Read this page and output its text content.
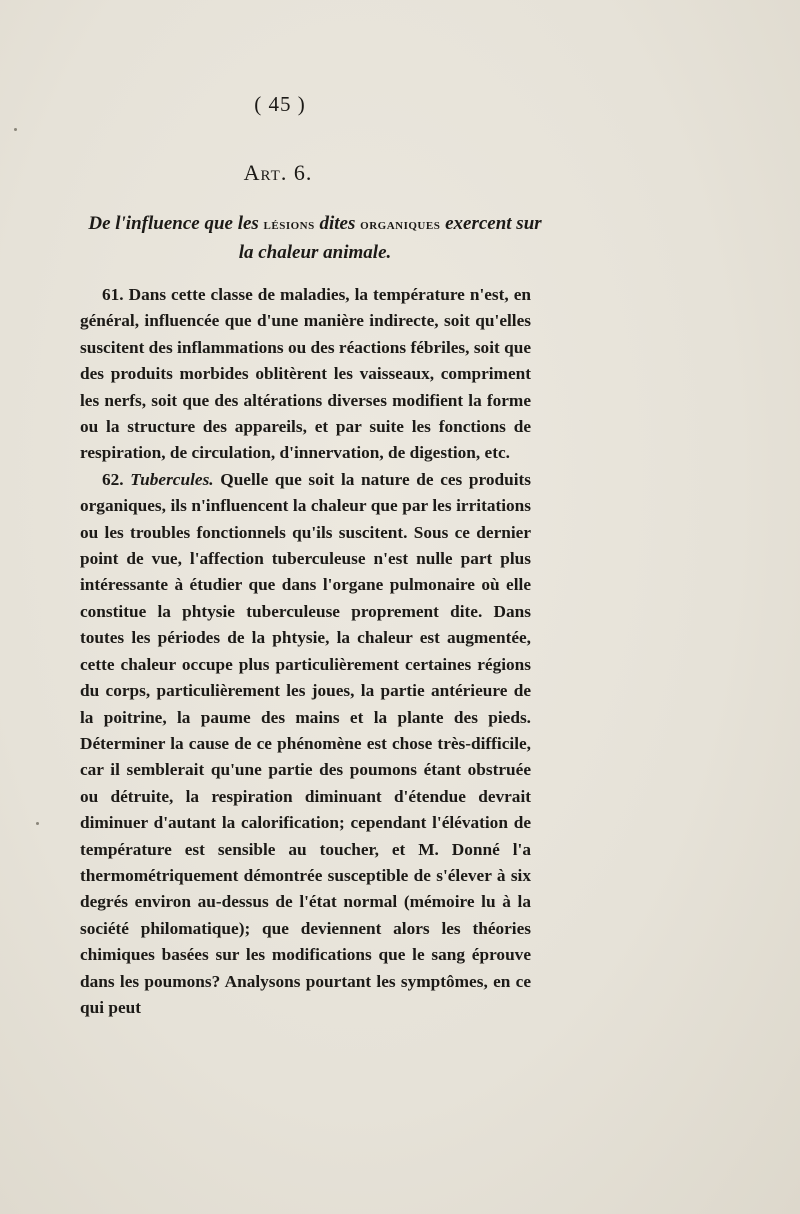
( 45 )
Art. 6.
De l'influence que les lésions dites organiques exercent sur la chaleur animale.

61. Dans cette classe de maladies, la température n'est, en général, influencée que d'une manière indirecte, soit qu'elles suscitent des inflammations ou des réactions fébriles, soit que des produits morbides oblitèrent les vaisseaux, compriment les nerfs, soit que des altérations diverses modifient la forme ou la structure des appareils, et par suite les fonctions de respiration, de circulation, d'innervation, de digestion, etc.

62. Tubercules. Quelle que soit la nature de ces produits organiques, ils n'influencent la chaleur que par les irritations ou les troubles fonctionnels qu'ils suscitent. Sous ce dernier point de vue, l'affection tuberculeuse n'est nulle part plus intéressante à étudier que dans l'organe pulmonaire où elle constitue la phtysie tuberculeuse proprement dite. Dans toutes les périodes de la phtysie, la chaleur est augmentée, cette chaleur occupe plus particulièrement certaines régions du corps, particulièrement les joues, la partie antérieure de la poitrine, la paume des mains et la plante des pieds. Déterminer la cause de ce phénomène est chose très-difficile, car il semblerait qu'une partie des poumons étant obstruée ou détruite, la respiration diminuant d'étendue devrait diminuer d'autant la calorification; cependant l'élévation de température est sensible au toucher, et M. Donné l'a thermométriquement démontrée susceptible de s'élever à six degrés environ au-dessus de l'état normal (mémoire lu à la société philomatique); que deviennent alors les théories chimiques basées sur les modifications que le sang éprouve dans les poumons? Analysons pourtant les symptômes, en ce qui peut
